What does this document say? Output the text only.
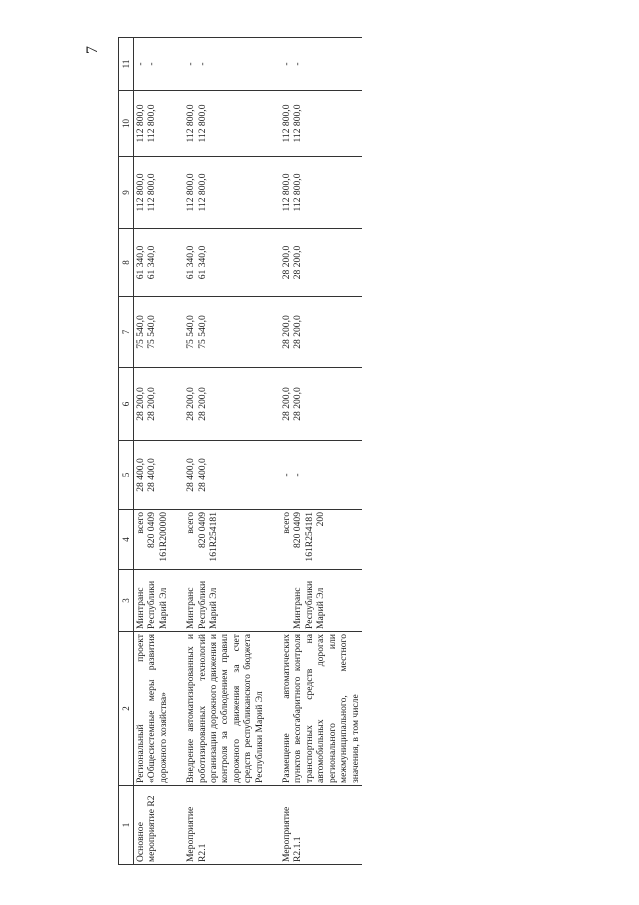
7
1	2	3	4	5	6	7	8	9	10	11
Основное мероприятие R2	Региональный проект «Общесистемные меры развития дорожного хозяйства»	Минтранс Республики Марий Эл	всего 820 0409 161R200000	28 400,0 28 400,0	28 200,0 28 200,0	75 540,0 75 540,0	61 340,0 61 340,0	112 800,0 112 800,0	112 800,0 112 800,0	- -

Мероприятие R2.1	Внедрение автоматизированных и роботизированных технологий организации дорожного движения и контроля за соблюдением правил дорожного движения за счет средств республиканского бюджета Республики Марий Эл	Минтранс Республики Марий Эл	всего 820 0409 161R254181	28 400,0 28 400,0	28 200,0 28 200,0	75 540,0 75 540,0	61 340,0 61 340,0	112 800,0 112 800,0	112 800,0 112 800,0	- -

Мероприятие R2.1.1	Размещение автоматических пунктов весогабаритного контроля транспортных средств на автомобильных дорогах регионального или межмуниципального, местного значения, в том числе	Минтранс Республики Марий Эл	всего 820 0409 161R254181 200	- -	28 200,0 28 200,0	28 200,0 28 200,0	28 200,0 28 200,0	112 800,0 112 800,0	112 800,0 112 800,0	- -
